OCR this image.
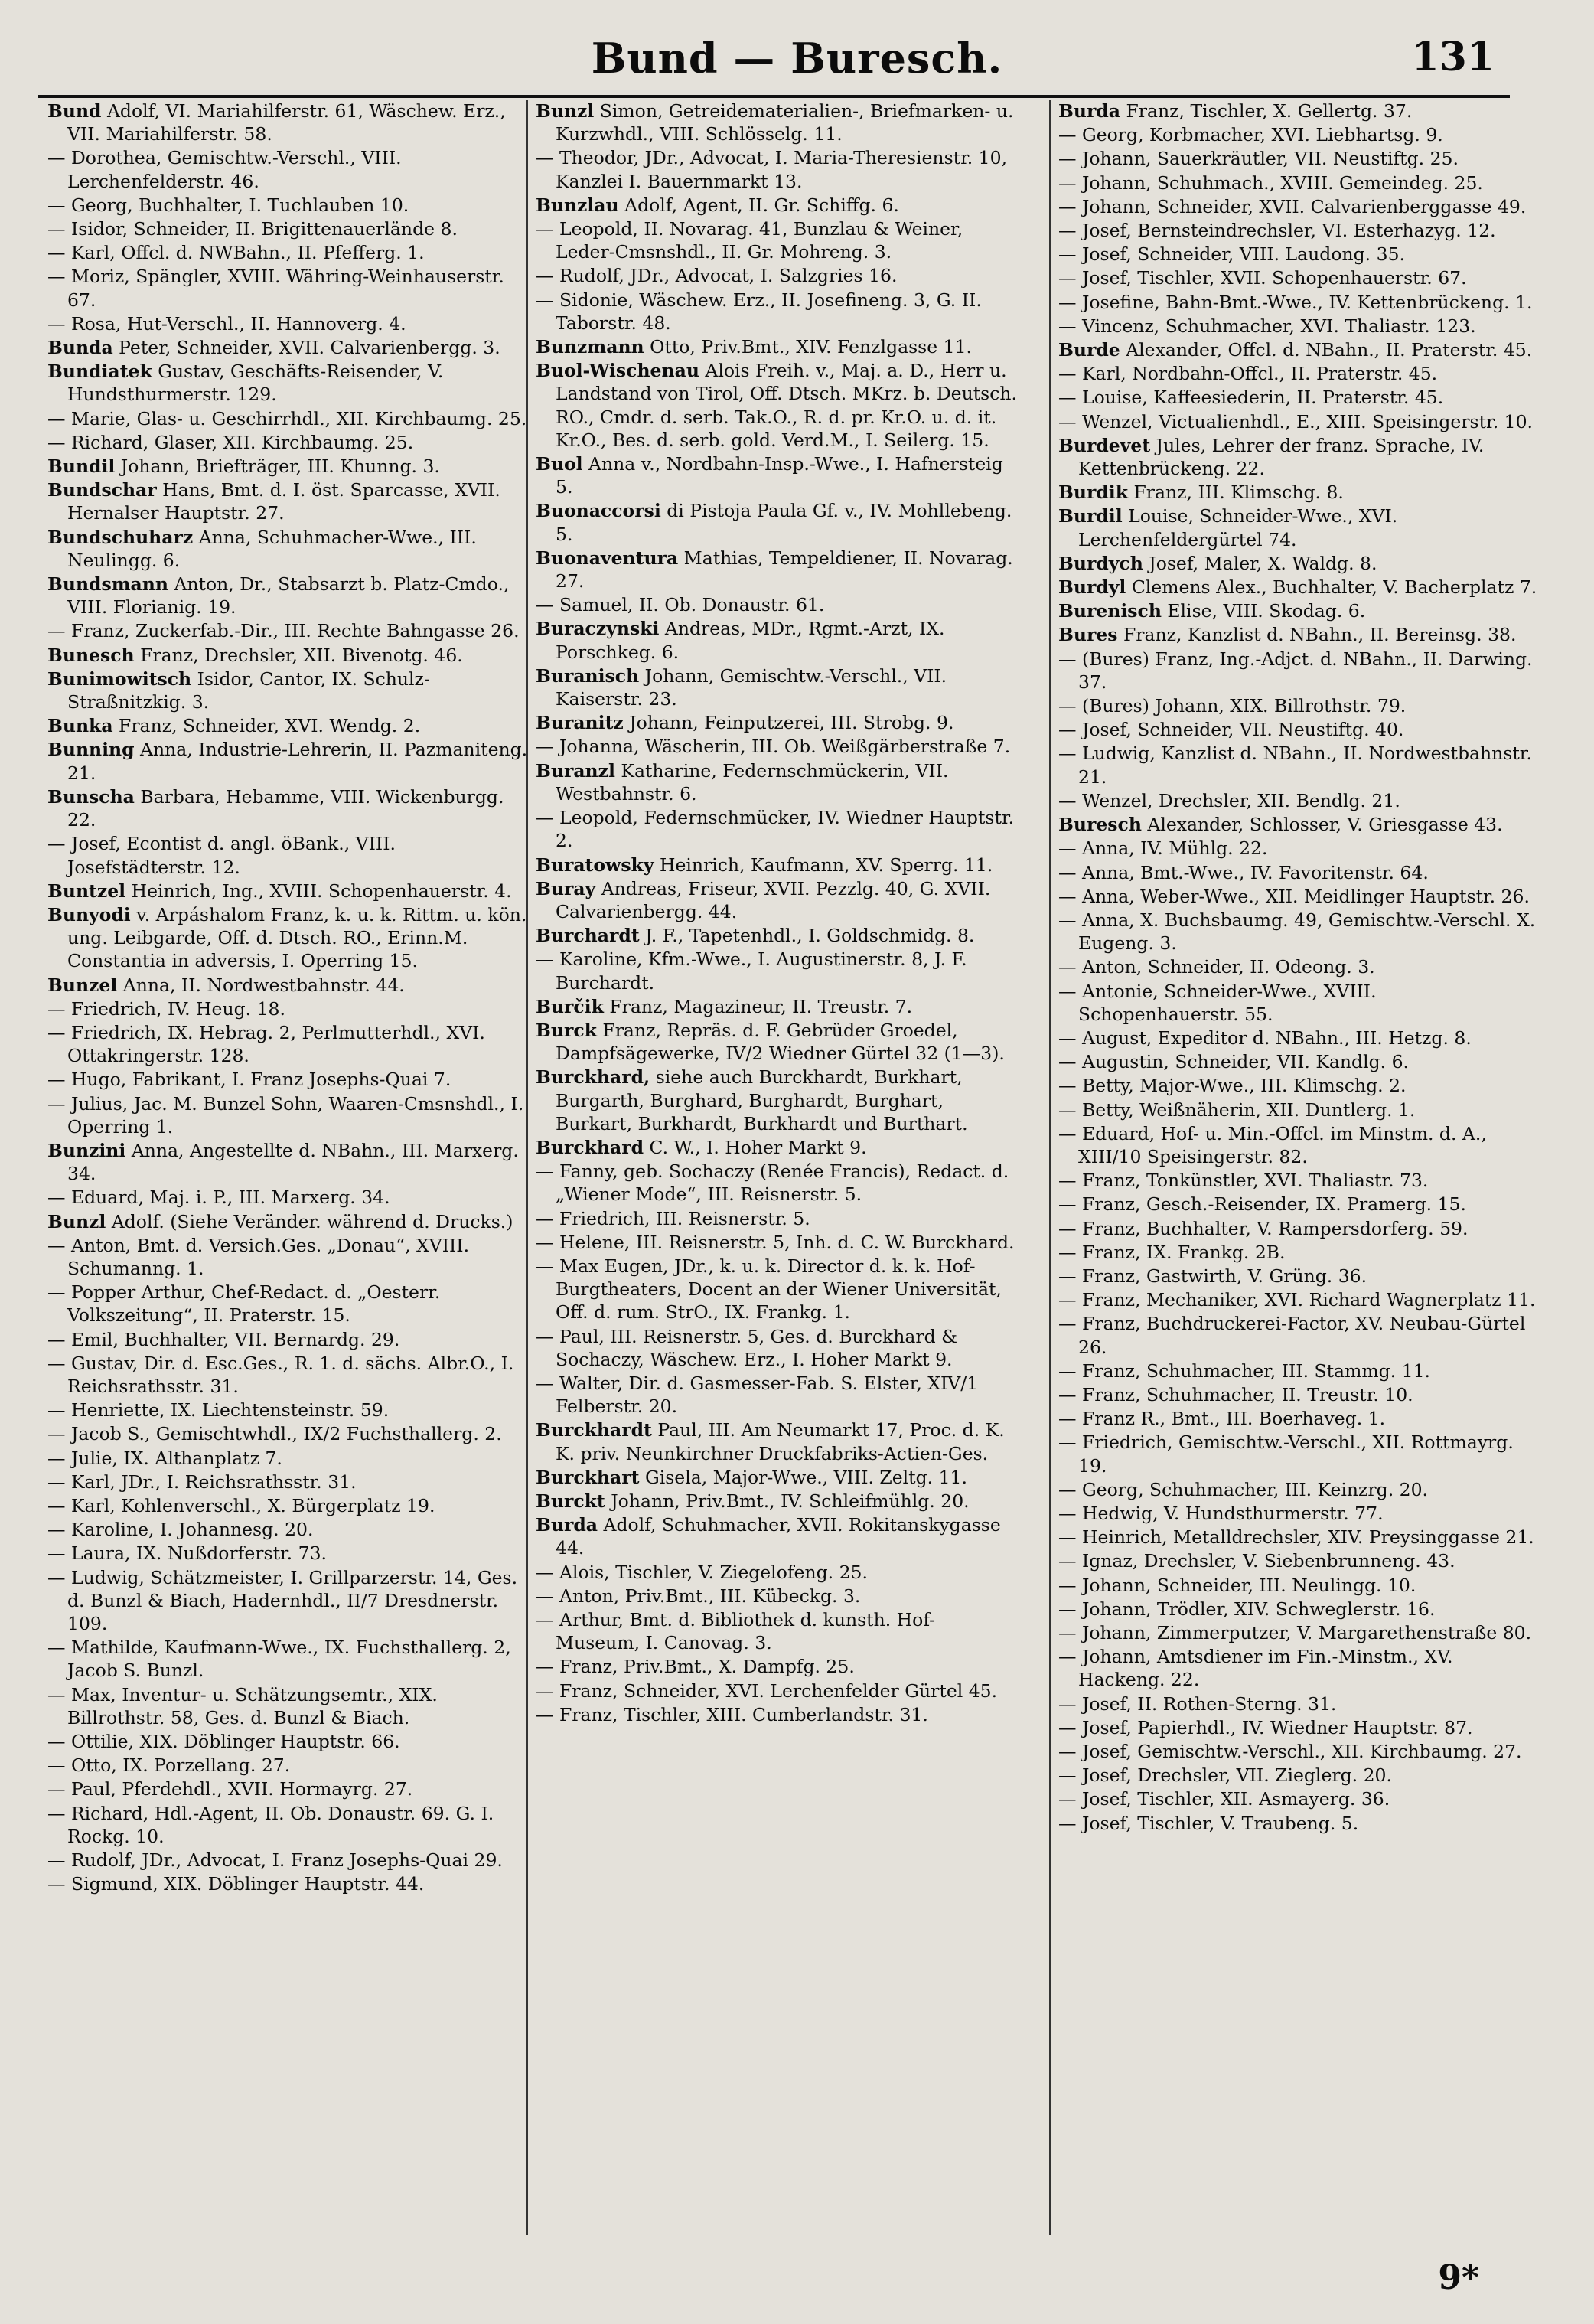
Bund — Buresch.	131
Bund Adolf, VI. Mariahilferstr. 61, Wäschew. Erz., VII. Mariahilferstr. 58.
— Dorothea, Gemischtw.-Verschl., VIII. Lerchenfelderstr. 46.
— Georg, Buchhalter, I. Tuchlauben 10.
— Isidor, Schneider, II. Brigittenauerlände 8.
— Karl, Offcl. d. NWBahn., II. Pfefferg. 1.
— Moriz, Spängler, XVIII. Währing-Weinhauserstr. 67.
— Rosa, Hut-Verschl., II. Hannoverg. 4.
Bunda Peter, Schneider, XVII. Calvarienbergg. 3.
Bundiatek Gustav, Geschäfts-Reisender, V. Hundsthurmerstr. 129.
— Marie, Glas- u. Geschirrhdl., XII. Kirchbaumg. 25.
— Richard, Glaser, XII. Kirchbaumg. 25.
Bundil Johann, Briefträger, III. Khunng. 3.
Bundschar Hans, Bmt. d. I. öst. Sparcasse, XVII. Hernalser Hauptstr. 27.
Bundschuharz Anna, Schuhmacher-Wwe., III. Neulingg. 6.
Bundsmann Anton, Dr., Stabsarzt b. Platz-Cmdo., VIII. Florianig. 19.
— Franz, Zuckerfab.-Dir., III. Rechte Bahngasse 26.
Bunesch Franz, Drechsler, XII. Bivenotg. 46.
Bunimowitsch Isidor, Cantor, IX. Schulz-Straßnitzkig. 3.
Bunka Franz, Schneider, XVI. Wendg. 2.
Bunning Anna, Industrie-Lehrerin, II. Pazmaniteng. 21.
Bunscha Barbara, Hebamme, VIII. Wickenburgg. 22.
— Josef, Econtist d. angl. öBank., VIII. Josefstädterstr. 12.
Buntzel Heinrich, Ing., XVIII. Schopenhauerstr. 4.
Bunyodi v. Arpáshalom Franz, k. u. k. Rittm. u. kön. ung. Leibgarde, Off. d. Dtsch. RO., Erinn.M. Constantia in adversis, I. Operring 15.
Bunzel Anna, II. Nordwestbahnstr. 44.
— Friedrich, IV. Heug. 18.
— Friedrich, IX. Hebrag. 2, Perlmutterhdl., XVI. Ottakringerstr. 128.
— Hugo, Fabrikant, I. Franz Josephs-Quai 7.
— Julius, Jac. M. Bunzel Sohn, Waaren-Cmsnshdl., I. Operring 1.
Bunzini Anna, Angestellte d. NBahn., III. Marxerg. 34.
— Eduard, Maj. i. P., III. Marxerg. 34.
Bunzl Adolf. (Siehe Veränder. während d. Drucks.)
— Anton, Bmt. d. Versich.Ges. „Donau“, XVIII. Schumanng. 1.
— Popper Arthur, Chef-Redact. d. „Oesterr. Volkszeitung“, II. Praterstr. 15.
— Emil, Buchhalter, VII. Bernardg. 29.
— Gustav, Dir. d. Esc.Ges., R. 1. d. sächs. Albr.O., I. Reichsrathsstr. 31.
— Henriette, IX. Liechtensteinstr. 59.
— Jacob S., Gemischtwhdl., IX/2 Fuchsthallerg. 2.
— Julie, IX. Althanplatz 7.
— Karl, JDr., I. Reichsrathsstr. 31.
— Karl, Kohlenverschl., X. Bürgerplatz 19.
— Karoline, I. Johannesg. 20.
— Laura, IX. Nußdorferstr. 73.
— Ludwig, Schätzmeister, I. Grillparzerstr. 14, Ges. d. Bunzl & Biach, Hadernhdl., II/7 Dresdnerstr. 109.
— Mathilde, Kaufmann-Wwe., IX. Fuchsthallerg. 2, Jacob S. Bunzl.
— Max, Inventur- u. Schätzungsemtr., XIX. Billrothstr. 58, Ges. d. Bunzl & Biach.
— Ottilie, XIX. Döblinger Hauptstr. 66.
— Otto, IX. Porzellang. 27.
— Paul, Pferdehdl., XVII. Hormayrg. 27.
— Richard, Hdl.-Agent, II. Ob. Donaustr. 69. G. I. Rockg. 10.
— Rudolf, JDr., Advocat, I. Franz Josephs-Quai 29.
— Sigmund, XIX. Döblinger Hauptstr. 44.
Bunzl Simon, Getreidematerialien-, Briefmarken- u. Kurzwhdl., VIII. Schlösselg. 11.
— Theodor, JDr., Advocat, I. Maria-Theresienstr. 10, Kanzlei I. Bauernmarkt 13.
Bunzlau Adolf, Agent, II. Gr. Schiffg. 6.
— Leopold, II. Novarag. 41, Bunzlau & Weiner, Leder-Cmsnshdl., II. Gr. Mohreng. 3.
— Rudolf, JDr., Advocat, I. Salzgries 16.
— Sidonie, Wäschew. Erz., II. Josefineng. 3, G. II. Taborstr. 48.
Bunzmann Otto, Priv.Bmt., XIV. Fenzlgasse 11.
Buol-Wischenau Alois Freih. v., Maj. a. D., Herr u. Landstand von Tirol, Off. Dtsch. MKrz. b. Deutsch. RO., Cmdr. d. serb. Tak.O., R. d. pr. Kr.O. u. d. it. Kr.O., Bes. d. serb. gold. Verd.M., I. Seilerg. 15.
Buol Anna v., Nordbahn-Insp.-Wwe., I. Hafnersteig 5.
Buonaccorsi di Pistoja Paula Gf. v., IV. Mohllebeng. 5.
Buonaventura Mathias, Tempeldiener, II. Novarag. 27.
— Samuel, II. Ob. Donaustr. 61.
Buraczynski Andreas, MDr., Rgmt.-Arzt, IX. Porschkeg. 6.
Buranisch Johann, Gemischtw.-Verschl., VII. Kaiserstr. 23.
Buranitz Johann, Feinputzerei, III. Strobg. 9.
— Johanna, Wäscherin, III. Ob. Weißgärberstraße 7.
Buranzl Katharine, Federnschmückerin, VII. Westbahnstr. 6.
— Leopold, Federnschmücker, IV. Wiedner Hauptstr. 2.
Buratowsky Heinrich, Kaufmann, XV. Sperrg. 11.
Buray Andreas, Friseur, XVII. Pezzlg. 40, G. XVII. Calvarienbergg. 44.
Burchardt J. F., Tapetenhdl., I. Goldschmidg. 8.
— Karoline, Kfm.-Wwe., I. Augustinerstr. 8, J. F. Burchardt.
Burčik Franz, Magazineur, II. Treustr. 7.
Burck Franz, Repräs. d. F. Gebrüder Groedel, Dampfsägewerke, IV/2 Wiedner Gürtel 32 (1—3).
Burckhard, siehe auch Burckhardt, Burkhart, Burgarth, Burghard, Burghardt, Burghart, Burkart, Burkhardt, Burkhardt und Burthart.
Burckhard C. W., I. Hoher Markt 9.
— Fanny, geb. Sochaczy (Renée Francis), Redact. d. „Wiener Mode“, III. Reisnerstr. 5.
— Friedrich, III. Reisnerstr. 5.
— Helene, III. Reisnerstr. 5, Inh. d. C. W. Burckhard.
— Max Eugen, JDr., k. u. k. Director d. k. k. Hof-Burgtheaters, Docent an der Wiener Universität, Off. d. rum. StrO., IX. Frankg. 1.
— Paul, III. Reisnerstr. 5, Ges. d. Burckhard & Sochaczy, Wäschew. Erz., I. Hoher Markt 9.
— Walter, Dir. d. Gasmesser-Fab. S. Elster, XIV/1 Felberstr. 20.
Burckhardt Paul, III. Am Neumarkt 17, Proc. d. K. K. priv. Neunkirchner Druckfabriks-Actien-Ges.
Burckhart Gisela, Major-Wwe., VIII. Zeltg. 11.
Burckt Johann, Priv.Bmt., IV. Schleifmühlg. 20.
Burda Adolf, Schuhmacher, XVII. Rokitanskygasse 44.
— Alois, Tischler, V. Ziegelofeng. 25.
— Anton, Priv.Bmt., III. Kübeckg. 3.
— Arthur, Bmt. d. Bibliothek d. kunsth. Hof-Museum, I. Canovag. 3.
— Franz, Priv.Bmt., X. Dampfg. 25.
— Franz, Schneider, XVI. Lerchenfelder Gürtel 45.
— Franz, Tischler, XIII. Cumberlandstr. 31.
Burda Franz, Tischler, X. Gellertg. 37.
— Georg, Korbmacher, XVI. Liebhartsg. 9.
— Johann, Sauerkräutler, VII. Neustiftg. 25.
— Johann, Schuhmach., XVIII. Gemeindeg. 25.
— Johann, Schneider, XVII. Calvarienberggasse 49.
— Josef, Bernsteindrechsler, VI. Esterhazyg. 12.
— Josef, Schneider, VIII. Laudong. 35.
— Josef, Tischler, XVII. Schopenhauerstr. 67.
— Josefine, Bahn-Bmt.-Wwe., IV. Kettenbrückeng. 1.
— Vincenz, Schuhmacher, XVI. Thaliastr. 123.
Burde Alexander, Offcl. d. NBahn., II. Praterstr. 45.
— Karl, Nordbahn-Offcl., II. Praterstr. 45.
— Louise, Kaffeesiederin, II. Praterstr. 45.
— Wenzel, Victualienhdl., E., XIII. Speisingerstr. 10.
Burdevet Jules, Lehrer der franz. Sprache, IV. Kettenbrückeng. 22.
Burdik Franz, III. Klimschg. 8.
Burdil Louise, Schneider-Wwe., XVI. Lerchenfeldergürtel 74.
Burdych Josef, Maler, X. Waldg. 8.
Burdyl Clemens Alex., Buchhalter, V. Bacherplatz 7.
Burenisch Elise, VIII. Skodag. 6.
Bures Franz, Kanzlist d. NBahn., II. Bereinsg. 38.
— (Bures) Franz, Ing.-Adjct. d. NBahn., II. Darwing. 37.
— (Bures) Johann, XIX. Billrothstr. 79.
— Josef, Schneider, VII. Neustiftg. 40.
— Ludwig, Kanzlist d. NBahn., II. Nordwestbahnstr. 21.
— Wenzel, Drechsler, XII. Bendlg. 21.
Buresch Alexander, Schlosser, V. Griesgasse 43.
— Anna, IV. Mühlg. 22.
— Anna, Bmt.-Wwe., IV. Favoritenstr. 64.
— Anna, Weber-Wwe., XII. Meidlinger Hauptstr. 26.
— Anna, X. Buchsbaumg. 49, Gemischtw.-Verschl. X. Eugeng. 3.
— Anton, Schneider, II. Odeong. 3.
— Antonie, Schneider-Wwe., XVIII. Schopenhauerstr. 55.
— August, Expeditor d. NBahn., III. Hetzg. 8.
— Augustin, Schneider, VII. Kandlg. 6.
— Betty, Major-Wwe., III. Klimschg. 2.
— Betty, Weißnäherin, XII. Duntlerg. 1.
— Eduard, Hof- u. Min.-Offcl. im Minstm. d. A., XIII/10 Speisingerstr. 82.
— Franz, Tonkünstler, XVI. Thaliastr. 73.
— Franz, Gesch.-Reisender, IX. Pramerg. 15.
— Franz, Buchhalter, V. Rampersdorferg. 59.
— Franz, IX. Frankg. 2B.
— Franz, Gastwirth, V. Grüng. 36.
— Franz, Mechaniker, XVI. Richard Wagnerplatz 11.
— Franz, Buchdruckerei-Factor, XV. Neubau-Gürtel 26.
— Franz, Schuhmacher, III. Stammg. 11.
— Franz, Schuhmacher, II. Treustr. 10.
— Franz R., Bmt., III. Boerhaveg. 1.
— Friedrich, Gemischtw.-Verschl., XII. Rottmayrg. 19.
— Georg, Schuhmacher, III. Keinzrg. 20.
— Hedwig, V. Hundsthurmerstr. 77.
— Heinrich, Metalldrechsler, XIV. Preysinggasse 21.
— Ignaz, Drechsler, V. Siebenbrunneng. 43.
— Johann, Schneider, III. Neulingg. 10.
— Johann, Trödler, XIV. Schweglerstr. 16.
— Johann, Zimmerputzer, V. Margarethenstraße 80.
— Johann, Amtsdiener im Fin.-Minstm., XV. Hackeng. 22.
— Josef, II. Rothen-Sterng. 31.
— Josef, Papierhdl., IV. Wiedner Hauptstr. 87.
— Josef, Gemischtw.-Verschl., XII. Kirchbaumg. 27.
— Josef, Drechsler, VII. Zieglerg. 20.
— Josef, Tischler, XII. Asmayerg. 36.
— Josef, Tischler, V. Traubeng. 5.
9*
